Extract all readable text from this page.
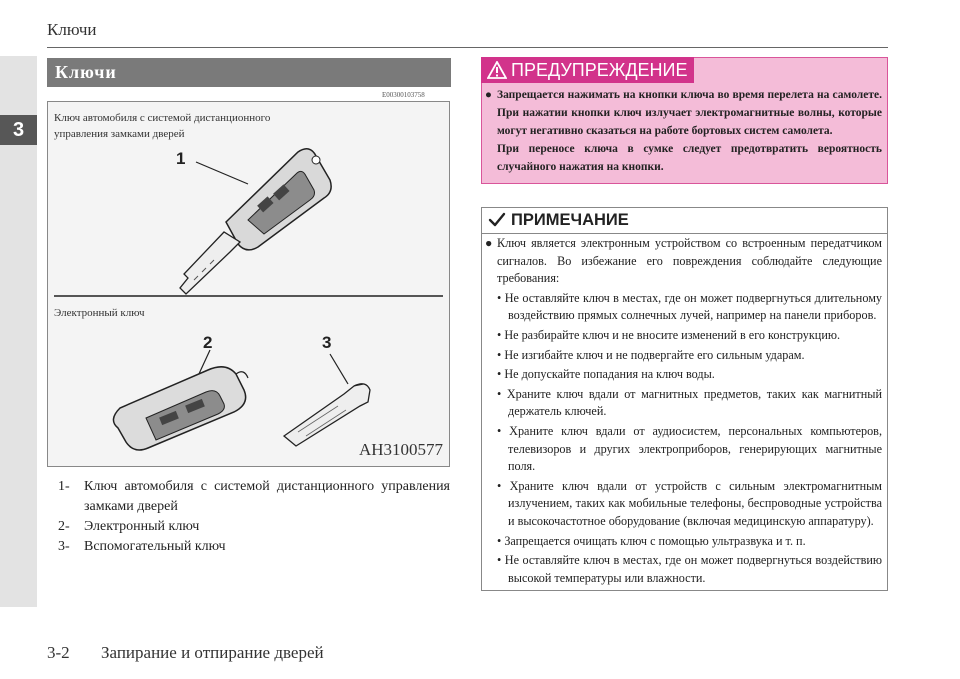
3
Ключи
Ключи
E00300103758
Ключ автомобиля с системой дистанционного управления замками дверей
Электронный ключ
1
2	3
AH3100577
1- Ключ автомобиля с системой дистанционного управления замками дверей
2- Электронный ключ
3- Вспомогательный ключ
ПРЕДУПРЕЖДЕНИЕ

● Запрещается нажимать на кнопки ключа во время перелета на самолете. При нажатии кнопки ключ излучает электромагнитные волны, которые могут негативно сказаться на работе бортовых систем самолета.

При переносе ключа в сумке следует предотвратить вероятность случайного нажатия на кнопки.

ПРИМЕЧАНИЕ

● Ключ является электронным устройством со встроенным передатчиком сигналов. Во избежание его повреждения соблюдайте следующие требования:

• Не оставляйте ключ в местах, где он может подвергнуться длительному воздействию прямых солнечных лучей, например на панели приборов.

• Не разбирайте ключ и не вносите изменений в его конструкцию.

• Не изгибайте ключ и не подвергайте его сильным ударам.

• Не допускайте попадания на ключ воды.

• Храните ключ вдали от магнитных предметов, таких как магнитный держатель ключей.

• Храните ключ вдали от аудиосистем, персональных компьютеров, телевизоров и других электроприборов, генерирующих магнитные поля.

• Храните ключ вдали от устройств с сильным электромагнитным излучением, таких как мобильные телефоны, беспроводные устройства и высокочастотное оборудование (включая медицинскую аппаратуру).

• Запрещается очищать ключ с помощью ультразвука и т. п.

• Не оставляйте ключ в местах, где он может подвергнуться воздействию высокой температуры или влажности.

3-2 Запирание и отпирание дверей
